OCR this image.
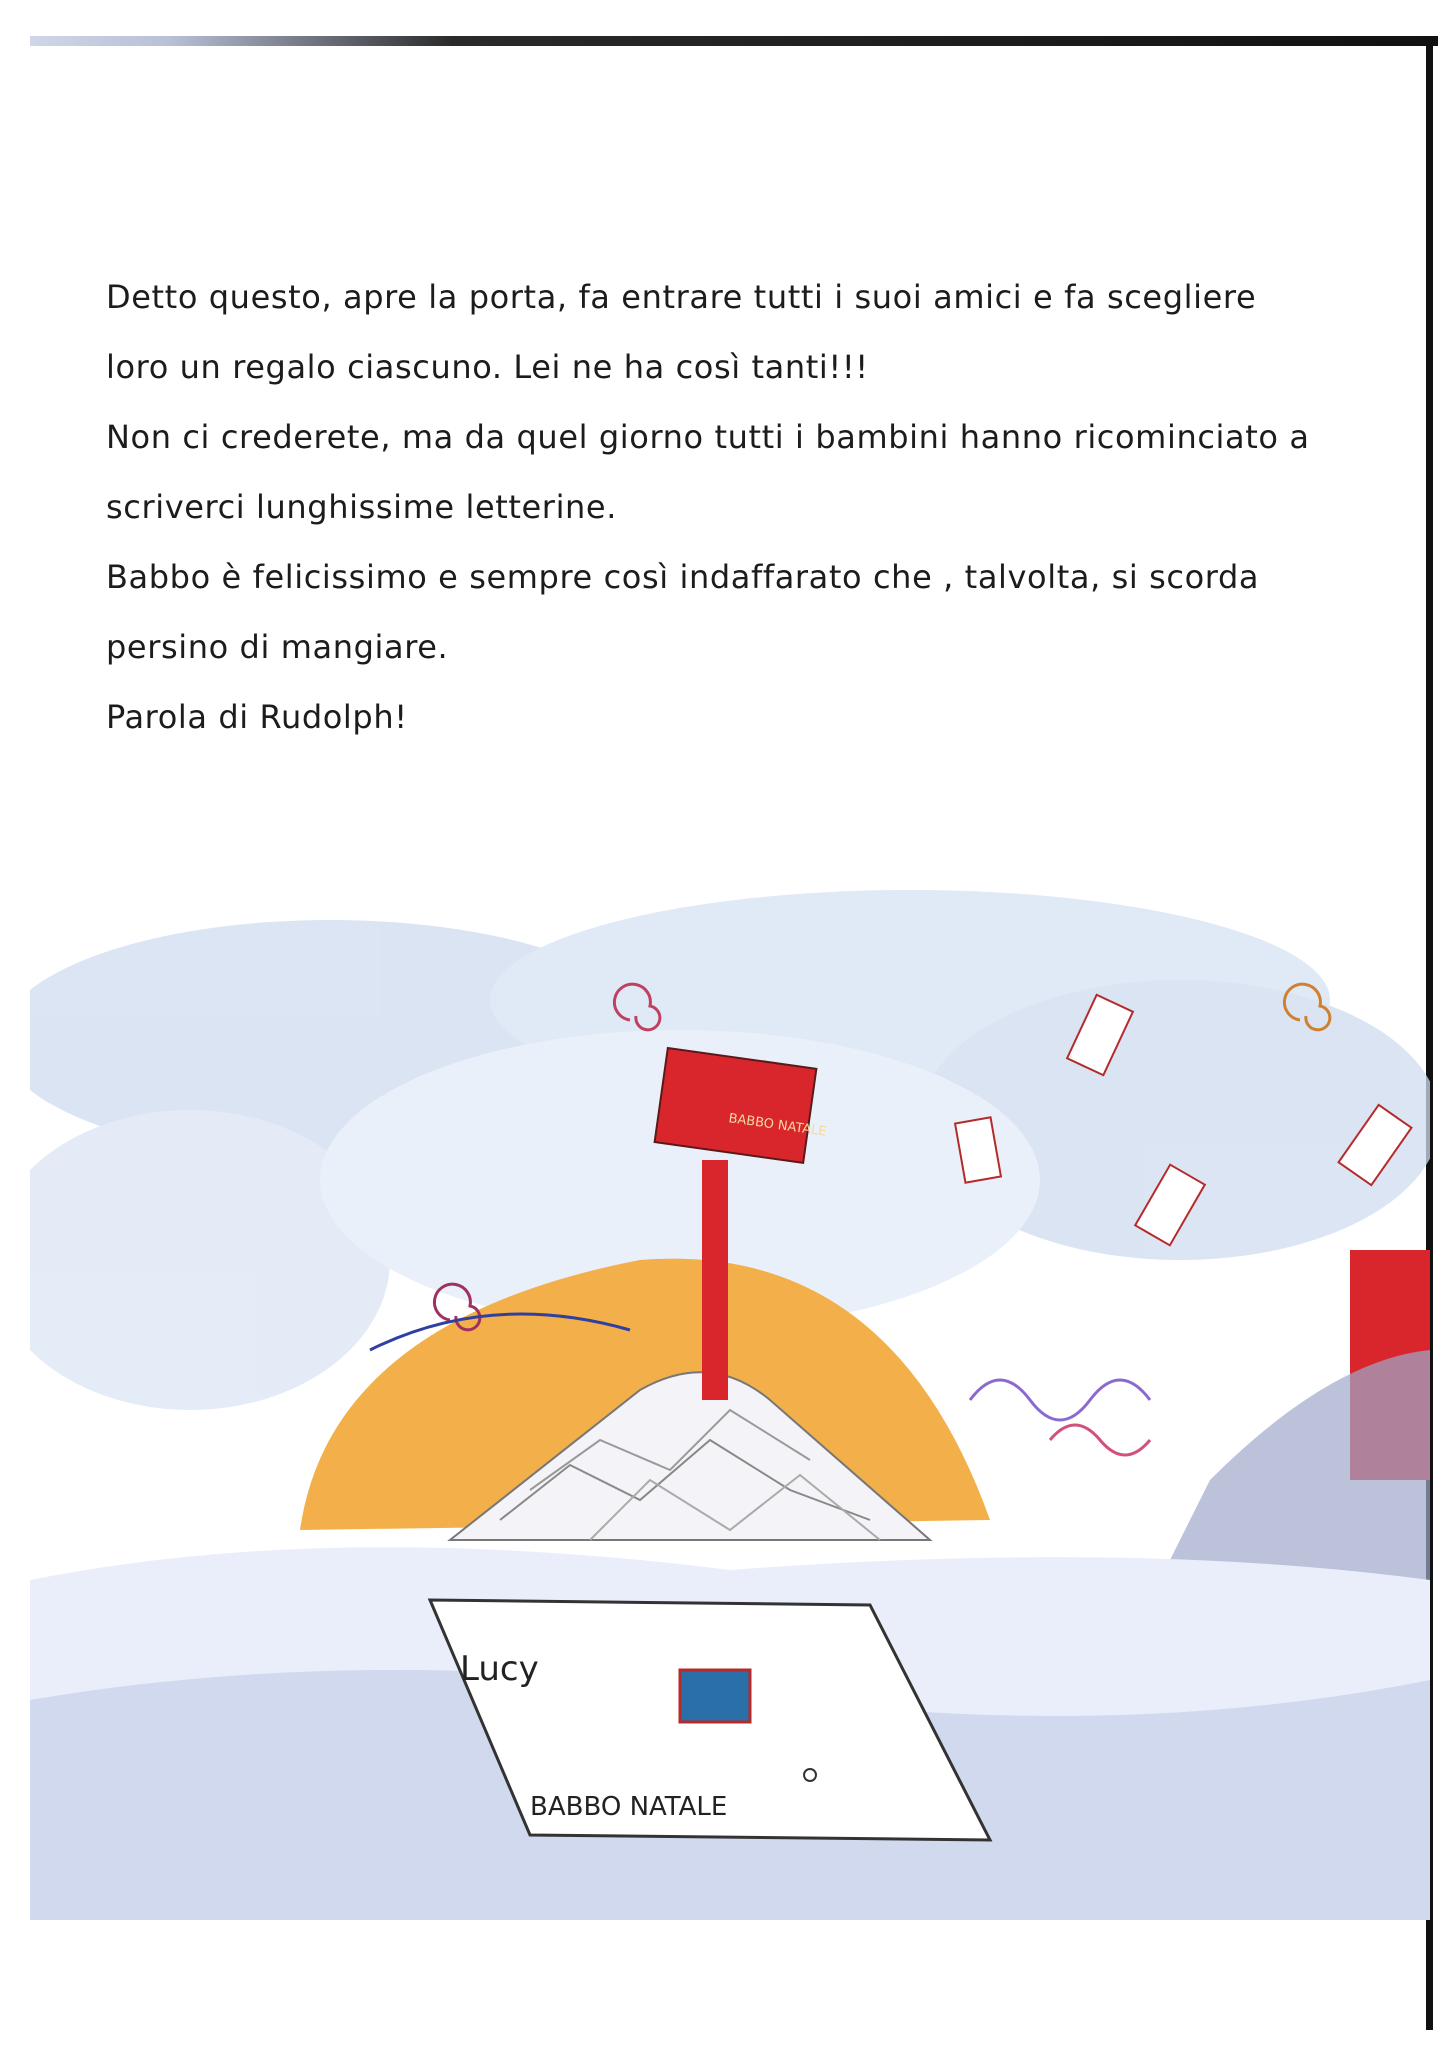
Detto questo, apre la porta, fa entrare tutti i suoi amici e fa scegliere
loro un regalo ciascuno. Lei ne ha così tanti!!!
Non ci crederete, ma da quel giorno tutti i bambini hanno ricominciato a
scriverci lunghissime letterine.
Babbo è felicissimo e sempre così indaffarato che , talvolta, si scorda
persino di mangiare.
Parola di Rudolph!
BABBO NATALE
Lucy
BABBO NATALE
